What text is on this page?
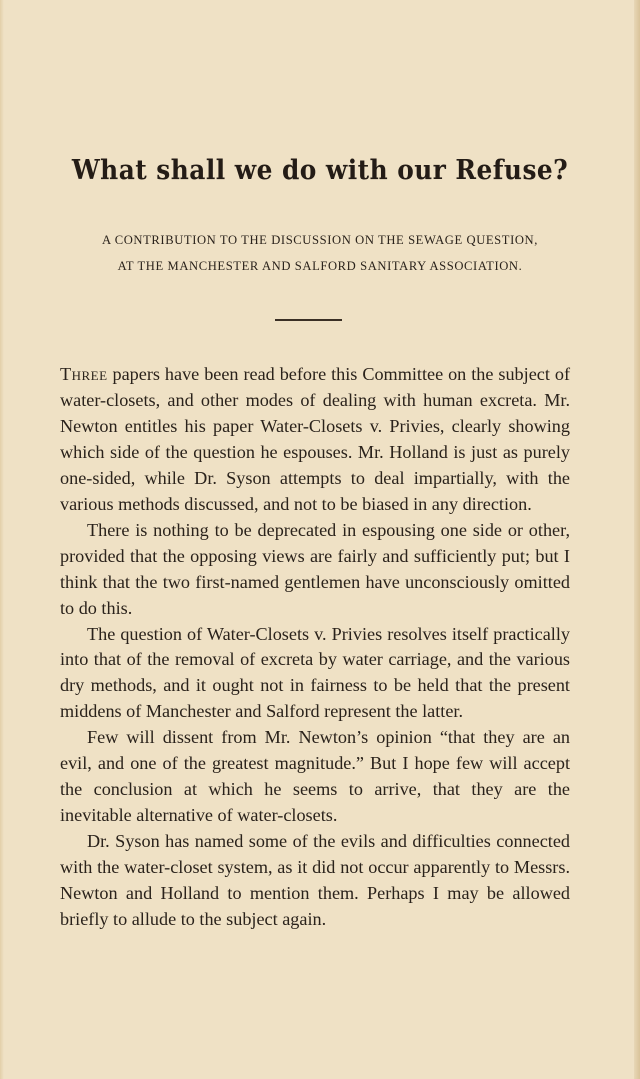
What shall we do with our Refuse?
A CONTRIBUTION TO THE DISCUSSION ON THE SEWAGE QUESTION,
AT THE MANCHESTER AND SALFORD SANITARY ASSOCIATION.

Three papers have been read before this Committee on the subject of water-closets, and other modes of dealing with human excreta. Mr. Newton entitles his paper Water-Closets v. Privies, clearly showing which side of the question he espouses. Mr. Holland is just as purely one-sided, while Dr. Syson attempts to deal impartially, with the various methods discussed, and not to be biased in any direction.

There is nothing to be deprecated in espousing one side or other, provided that the opposing views are fairly and sufficiently put; but I think that the two first-named gentlemen have unconsciously omitted to do this.

The question of Water-Closets v. Privies resolves itself practically into that of the removal of excreta by water carriage, and the various dry methods, and it ought not in fairness to be held that the present middens of Manchester and Salford represent the latter.

Few will dissent from Mr. Newton’s opinion “that they are an evil, and one of the greatest magnitude.” But I hope few will accept the conclusion at which he seems to arrive, that they are the inevitable alternative of water-closets.

Dr. Syson has named some of the evils and difficulties connected with the water-closet system, as it did not occur apparently to Messrs. Newton and Holland to mention them. Perhaps I may be allowed briefly to allude to the subject again.
